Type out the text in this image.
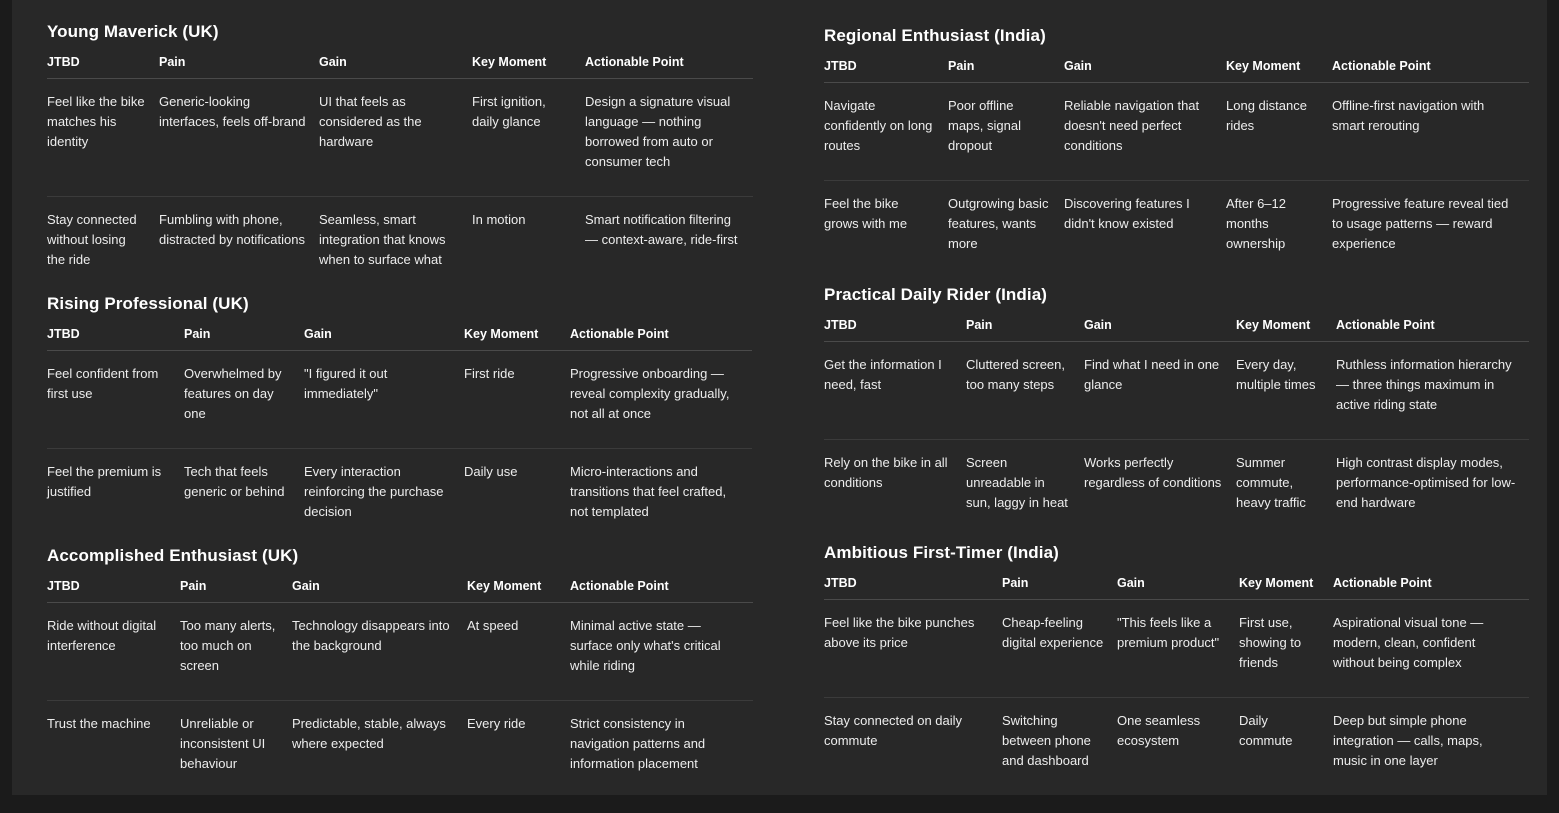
Young Maverick (UK)
JTBD	Pain	Gain	Key Moment	Actionable Point
Feel like the bike matches his identity	Generic-looking interfaces, feels off-brand	UI that feels as considered as the hardware	First ignition, daily glance	Design a signature visual language — nothing borrowed from auto or consumer tech
Stay connected without losing the ride	Fumbling with phone, distracted by notifications	Seamless, smart integration that knows when to surface what	In motion	Smart notification filtering — context-aware, ride-first
Rising Professional (UK)
JTBD	Pain	Gain	Key Moment	Actionable Point
Feel confident from first use	Overwhelmed by features on day one	"I figured it out immediately"	First ride	Progressive onboarding — reveal complexity gradually, not all at once
Feel the premium is justified	Tech that feels generic or behind	Every interaction reinforcing the purchase decision	Daily use	Micro-interactions and transitions that feel crafted, not templated
Accomplished Enthusiast (UK)
JTBD	Pain	Gain	Key Moment	Actionable Point
Ride without digital interference	Too many alerts, too much on screen	Technology disappears into the background	At speed	Minimal active state — surface only what's critical while riding
Trust the machine	Unreliable or inconsistent UI behaviour	Predictable, stable, always where expected	Every ride	Strict consistency in navigation patterns and information placement
Regional Enthusiast (India)
JTBD	Pain	Gain	Key Moment	Actionable Point
Navigate confidently on long routes	Poor offline maps, signal dropout	Reliable navigation that doesn't need perfect conditions	Long distance rides	Offline-first navigation with smart rerouting
Feel the bike grows with me	Outgrowing basic features, wants more	Discovering features I didn't know existed	After 6–12 months ownership	Progressive feature reveal tied to usage patterns — reward experience
Practical Daily Rider (India)
JTBD	Pain	Gain	Key Moment	Actionable Point
Get the information I need, fast	Cluttered screen, too many steps	Find what I need in one glance	Every day, multiple times	Ruthless information hierarchy — three things maximum in active riding state
Rely on the bike in all conditions	Screen unreadable in sun, laggy in heat	Works perfectly regardless of conditions	Summer commute, heavy traffic	High contrast display modes, performance-optimised for low-end hardware
Ambitious First-Timer (India)
JTBD	Pain	Gain	Key Moment	Actionable Point
Feel like the bike punches above its price	Cheap-feeling digital experience	"This feels like a premium product"	First use, showing to friends	Aspirational visual tone — modern, clean, confident without being complex
Stay connected on daily commute	Switching between phone and dashboard	One seamless ecosystem	Daily commute	Deep but simple phone integration — calls, maps, music in one layer
